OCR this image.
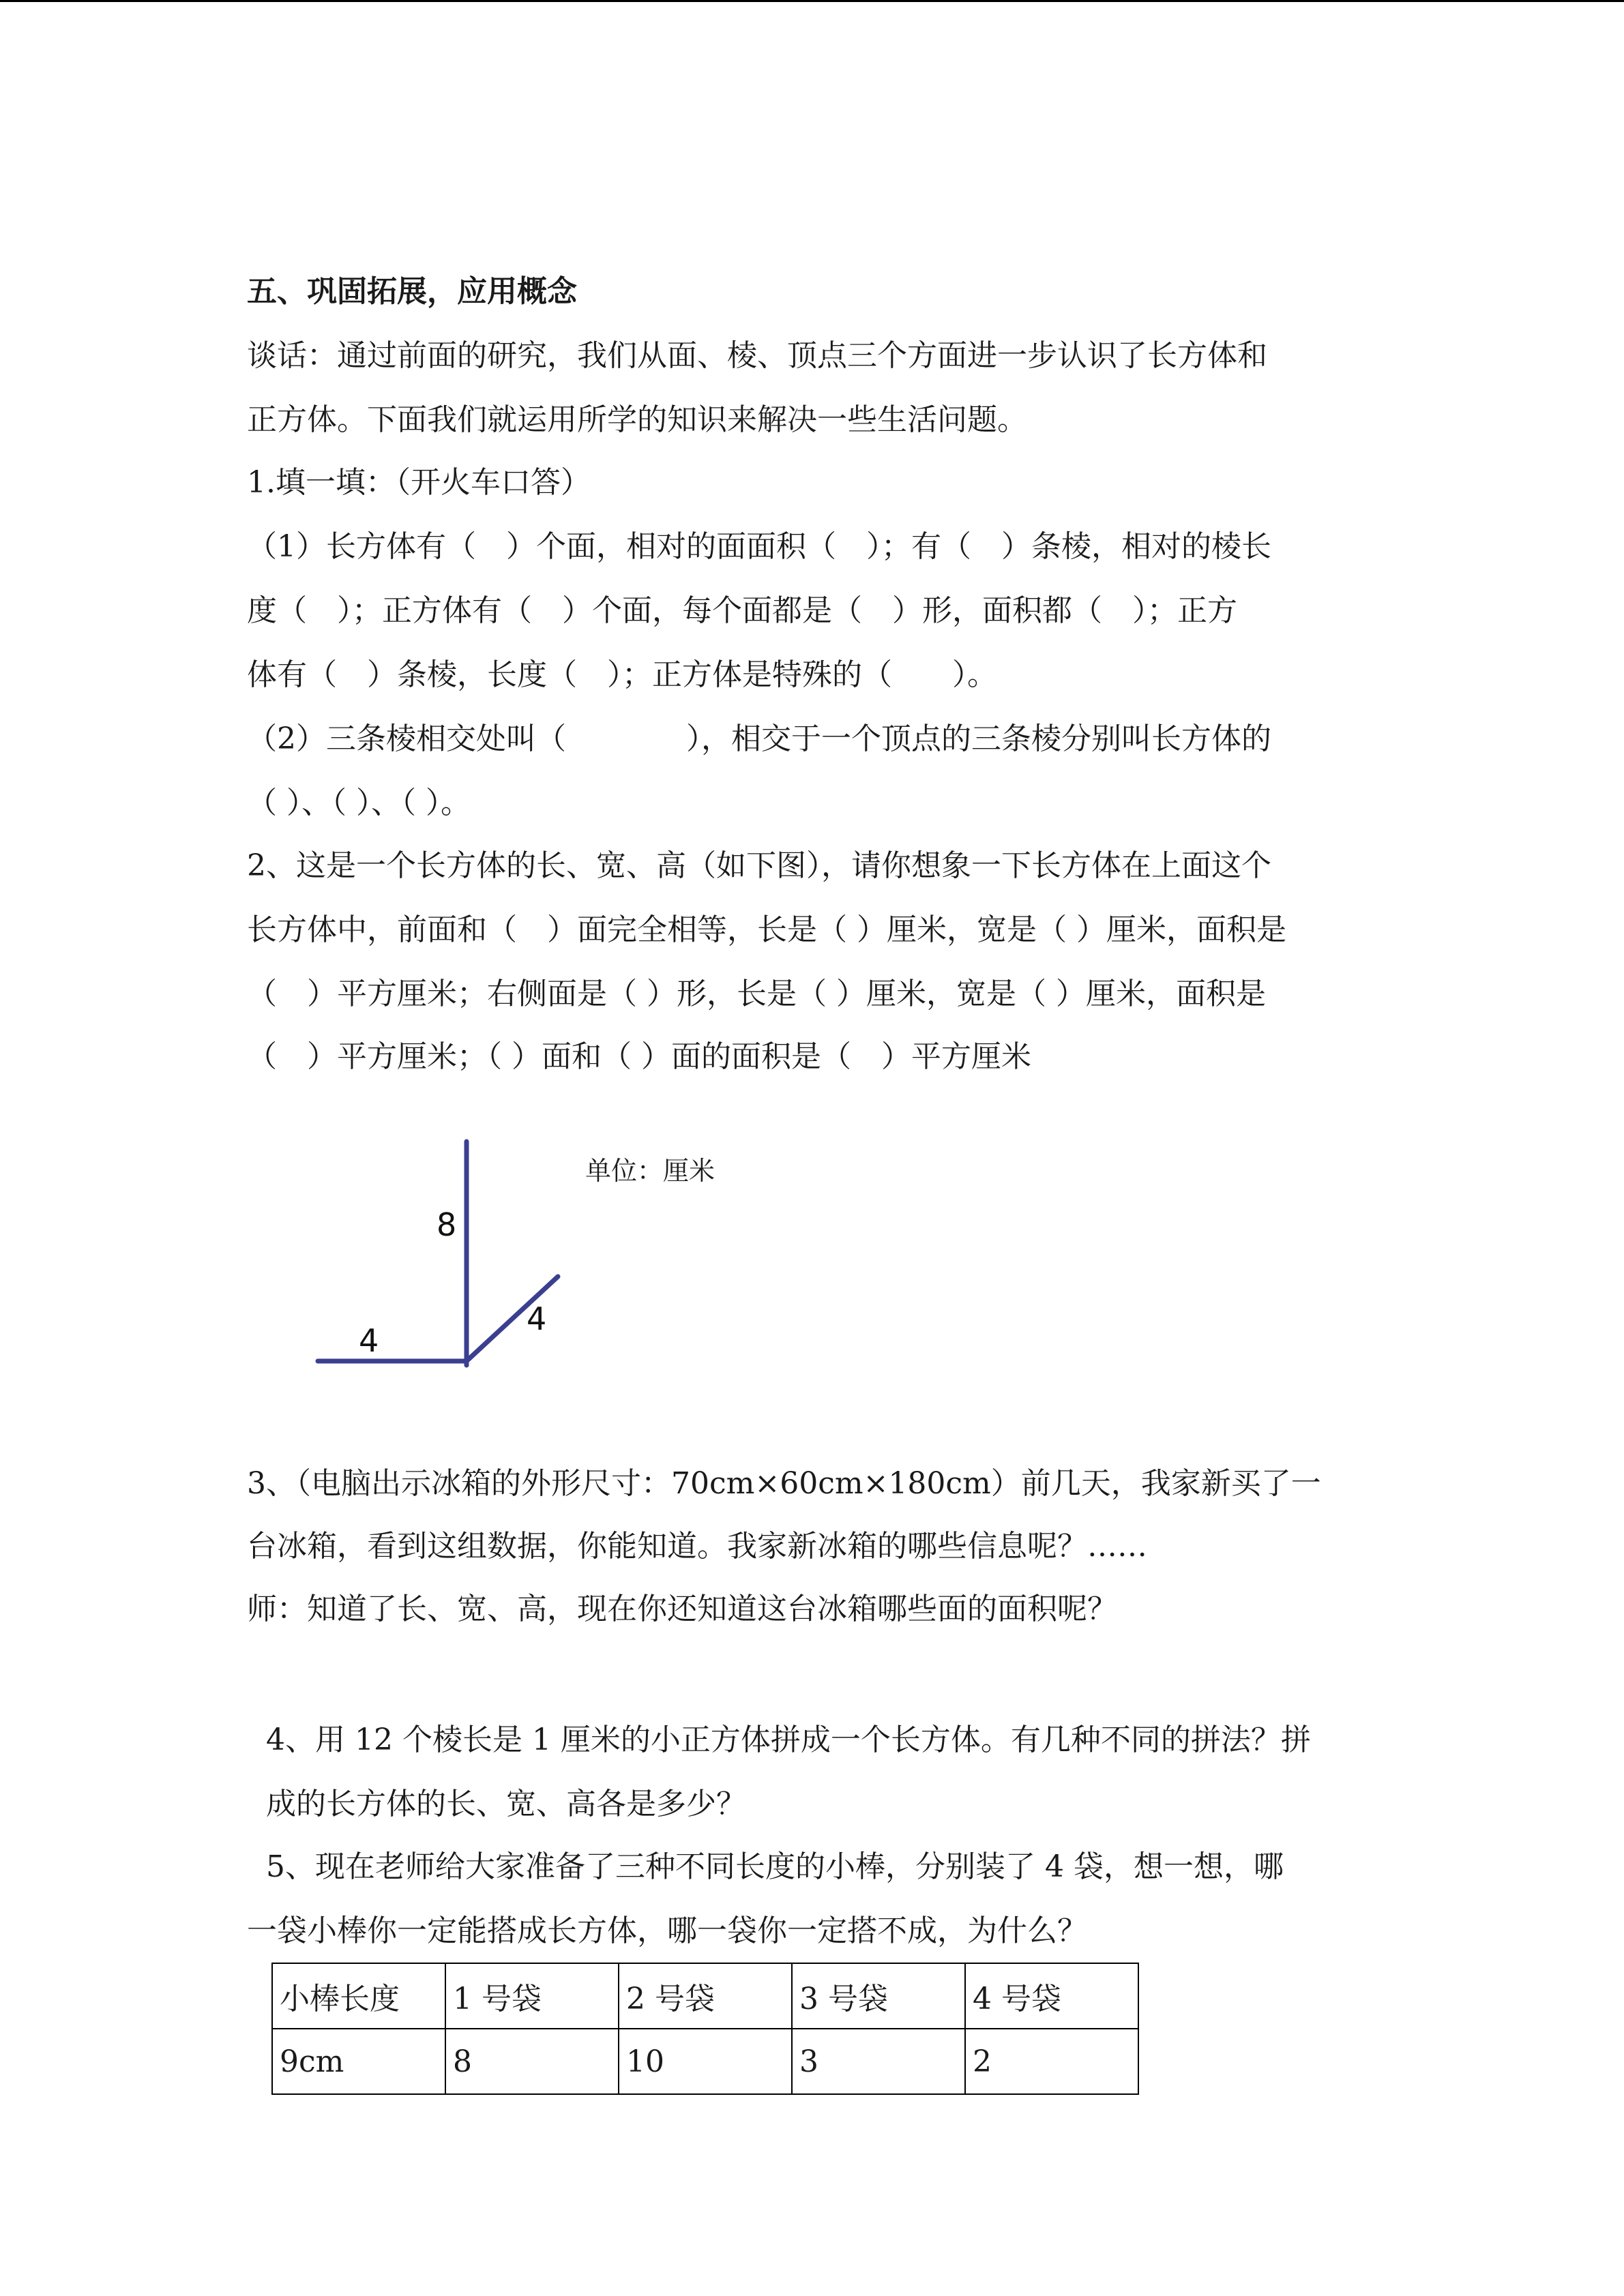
五、巩固拓展，应用概念

谈话：通过前面的研究，我们从面、棱、顶点三个方面进一步认识了长方体和

正方体。下面我们就运用所学的知识来解决一些生活问题。

1.填一填：（开火车口答）

（1）长方体有（　）个面，相对的面面积（　）；有（　）条棱，相对的棱长

度（　）；正方体有（　）个面，每个面都是（　）形，面积都（　）；正方

体有（　）条棱，长度（　）；正方体是特殊的（　　）。

（2）三条棱相交处叫（　　　　），相交于一个顶点的三条棱分别叫长方体的

（ ）、（ ）、（ ）。

2、这是一个长方体的长、宽、高（如下图），请你想象一下长方体在上面这个

长方体中，前面和（　）面完全相等，长是（ ）厘米，宽是（ ）厘米，面积是

（　）平方厘米；右侧面是（ ）形，长是（ ）厘米，宽是（ ）厘米，面积是

（　）平方厘米；（ ）面和（ ）面的面积是（　）平方厘米

单位：厘米

8
4
4

3、（电脑出示冰箱的外形尺寸：70cm×60cm×180cm）前几天，我家新买了一

台冰箱，看到这组数据，你能知道。我家新冰箱的哪些信息呢？……

师：知道了长、宽、高，现在你还知道这台冰箱哪些面的面积呢？

4、用 12 个棱长是 1 厘米的小正方体拼成一个长方体。有几种不同的拼法？拼

成的长方体的长、宽、高各是多少？

5、现在老师给大家准备了三种不同长度的小棒，分别装了 4 袋，想一想，哪

一袋小棒你一定能搭成长方体，哪一袋你一定搭不成，为什么？

小棒长度	1 号袋	2 号袋	3 号袋	4 号袋
9cm	8	10	3	2
